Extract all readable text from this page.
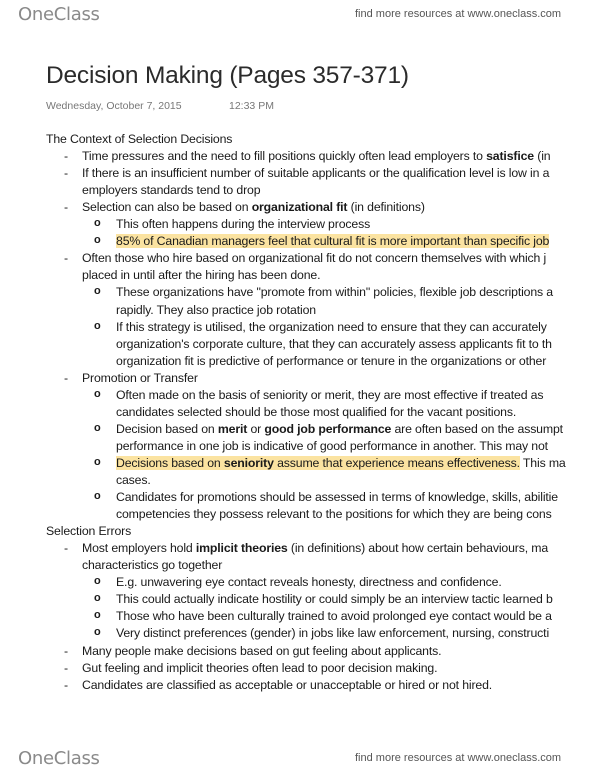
OneClass	find more resources at www.oneclass.com
Decision Making (Pages 357-371)
Wednesday, October 7, 2015	12:33 PM
The Context of Selection Decisions
- Time pressures and the need to fill positions quickly often lead employers to satisfice (in
- If there is an insufficient number of suitable applicants or the qualification level is low in a
employers standards tend to drop
- Selection can also be based on organizational fit (in definitions)
o This often happens during the interview process
o 85% of Canadian managers feel that cultural fit is more important than specific job
- Often those who hire based on organizational fit do not concern themselves with which j
placed in until after the hiring has been done.
o These organizations have "promote from within" policies, flexible job descriptions a
rapidly. They also practice job rotation
o If this strategy is utilised, the organization need to ensure that they can accurately
organization's corporate culture, that they can accurately assess applicants fit to th
organization fit is predictive of performance or tenure in the organizations or other
- Promotion or Transfer
o Often made on the basis of seniority or merit, they are most effective if treated as
candidates selected should be those most qualified for the vacant positions.
o Decision based on merit or good job performance are often based on the assumpt
performance in one job is indicative of good performance in another. This may not
o Decisions based on seniority assume that experience means effectiveness. This ma
cases.
o Candidates for promotions should be assessed in terms of knowledge, skills, abilitie
competencies they possess relevant to the positions for which they are being cons
Selection Errors
- Most employers hold implicit theories (in definitions) about how certain behaviours, ma
characteristics go together
o E.g. unwavering eye contact reveals honesty, directness and confidence.
o This could actually indicate hostility or could simply be an interview tactic learned b
o Those who have been culturally trained to avoid prolonged eye contact would be a
o Very distinct preferences (gender) in jobs like law enforcement, nursing, constructi
- Many people make decisions based on gut feeling about applicants.
- Gut feeling and implicit theories often lead to poor decision making.
- Candidates are classified as acceptable or unacceptable or hired or not hired.
OneClass	find more resources at www.oneclass.com
